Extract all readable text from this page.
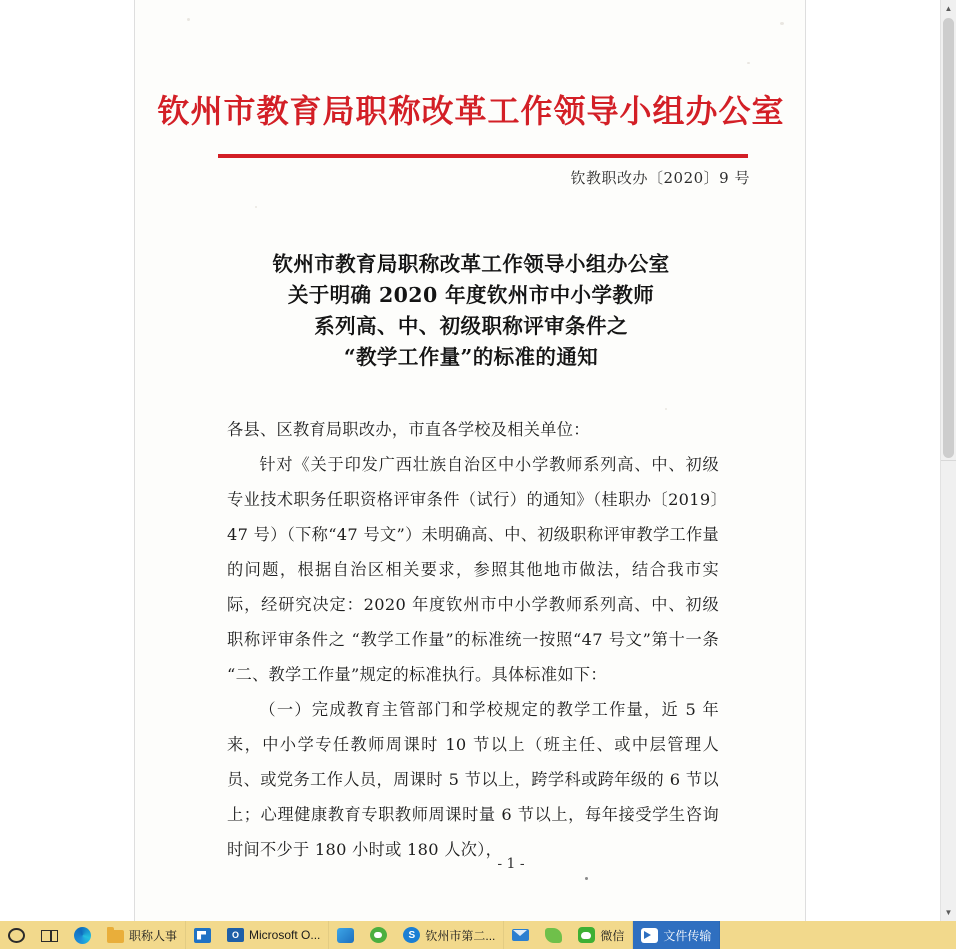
钦州市教育局职称改革工作领导小组办公室
钦教职改办〔2020〕9 号
钦州市教育局职称改革工作领导小组办公室
关于明确 2020 年度钦州市中小学教师
系列高、中、初级职称评审条件之
“教学工作量”的标准的通知

各县、区教育局职改办，市直各学校及相关单位：

针对《关于印发广西壮族自治区中小学教师系列高、中、初级专业技术职务任职资格评审条件（试行）的通知》（桂职办〔2019〕47 号）（下称“47 号文”）未明确高、中、初级职称评审教学工作量的问题，根据自治区相关要求，参照其他地市做法，结合我市实际，经研究决定：2020 年度钦州市中小学教师系列高、中、初级职称评审条件之 “教学工作量”的标准统一按照“47 号文”第十一条“二、教学工作量”规定的标准执行。具体标准如下：

（一）完成教育主管部门和学校规定的教学工作量，近 5 年来，中小学专任教师周课时 10 节以上（班主任、或中层管理人员、或党务工作人员，周课时 5 节以上，跨学科或跨年级的 6 节以上；心理健康教育专职教师周课时量 6 节以上，每年接受学生咨询时间不少于 180 小时或 180 人次），

- 1 -
▲
▼
职称人事	O Microsoft O...	S 钦州市第二...	微信	文件传输
